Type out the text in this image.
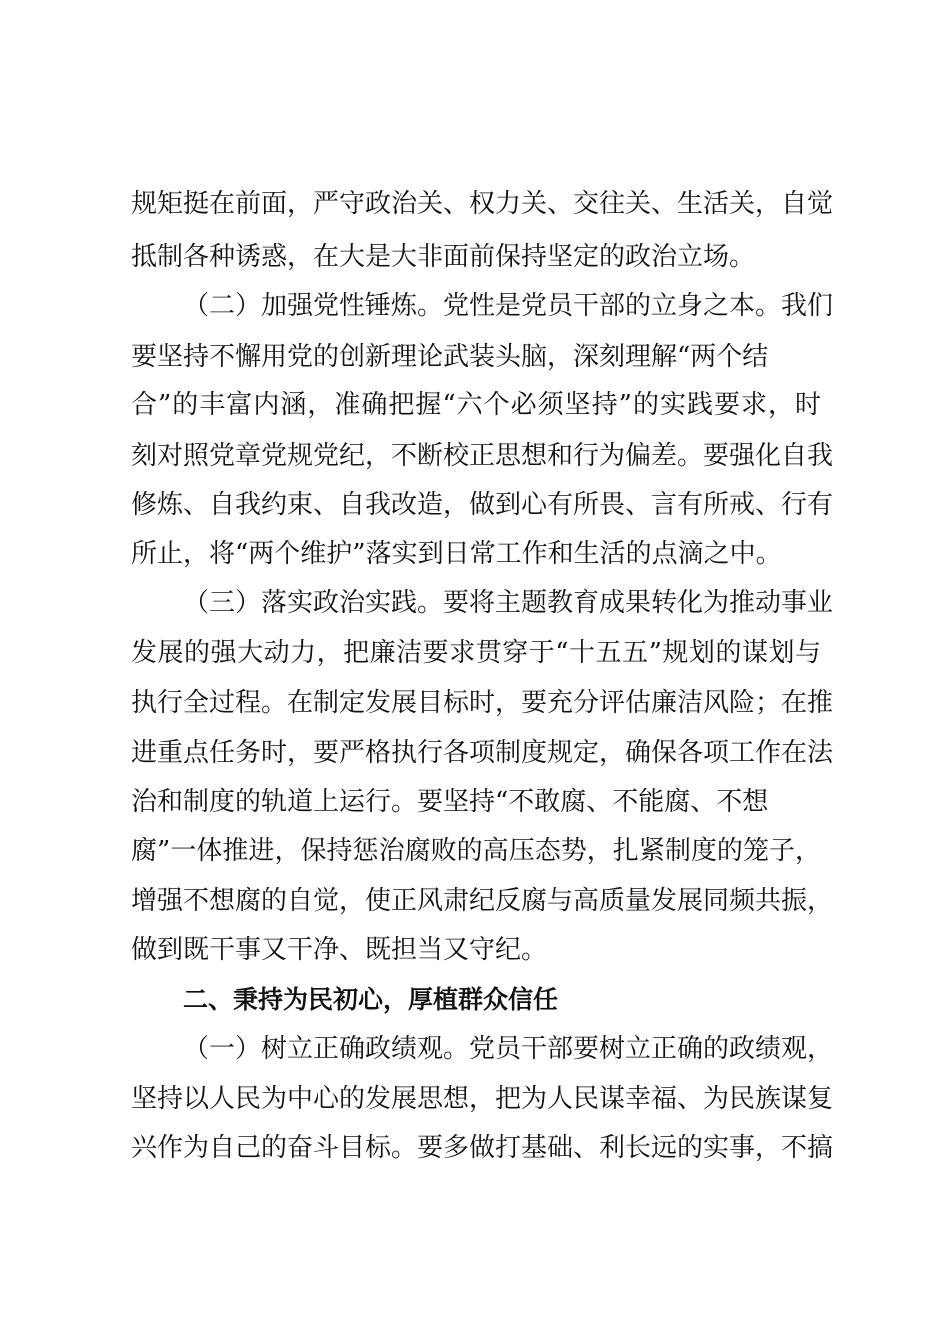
规矩挺在前面，严守政治关、权力关、交往关、生活关，自觉
抵制各种诱惑，在大是大非面前保持坚定的政治立场。
（二）加强党性锤炼。党性是党员干部的立身之本。我们
要坚持不懈用党的创新理论武装头脑，深刻理解“两个结
合”的丰富内涵，准确把握“六个必须坚持”的实践要求，时
刻对照党章党规党纪，不断校正思想和行为偏差。要强化自我
修炼、自我约束、自我改造，做到心有所畏、言有所戒、行有
所止，将“两个维护”落实到日常工作和生活的点滴之中。
（三）落实政治实践。要将主题教育成果转化为推动事业
发展的强大动力，把廉洁要求贯穿于“十五五”规划的谋划与
执行全过程。在制定发展目标时，要充分评估廉洁风险；在推
进重点任务时，要严格执行各项制度规定，确保各项工作在法
治和制度的轨道上运行。要坚持“不敢腐、不能腐、不想
腐”一体推进，保持惩治腐败的高压态势，扎紧制度的笼子，
增强不想腐的自觉，使正风肃纪反腐与高质量发展同频共振，
做到既干事又干净、既担当又守纪。
二、秉持为民初心，厚植群众信任
（一）树立正确政绩观。党员干部要树立正确的政绩观，
坚持以人民为中心的发展思想，把为人民谋幸福、为民族谋复
兴作为自己的奋斗目标。要多做打基础、利长远的实事，不搞
